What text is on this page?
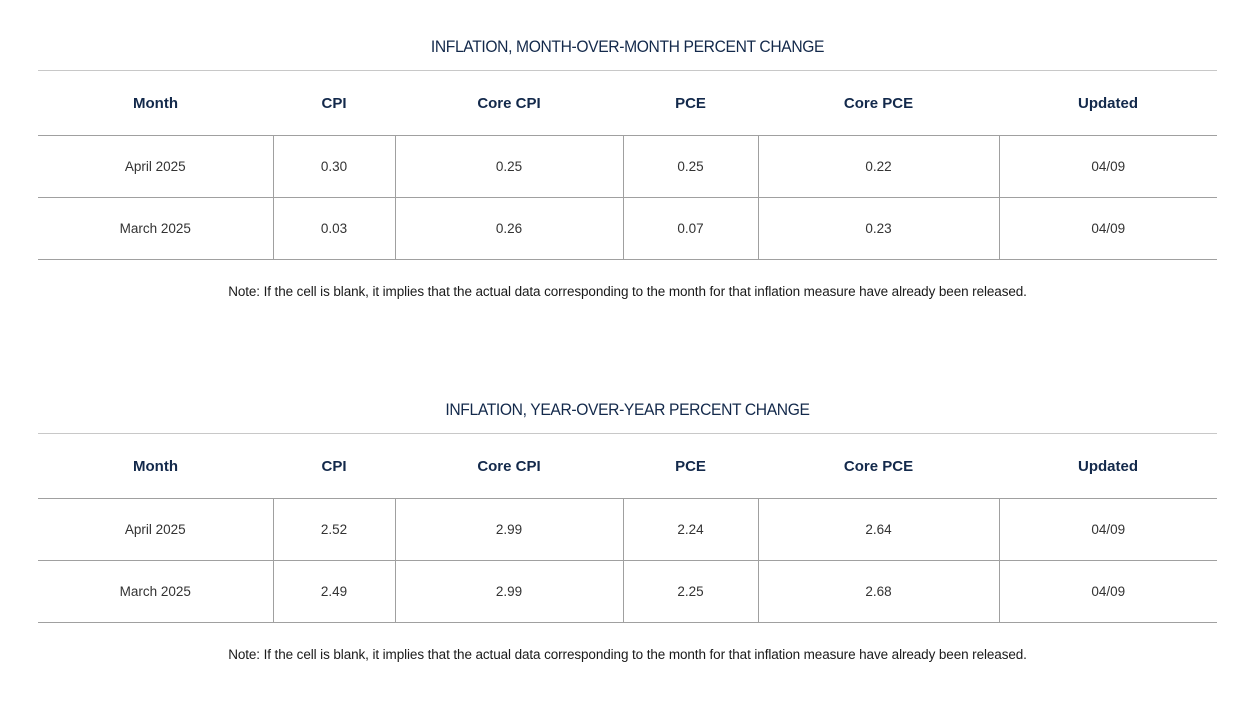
INFLATION, MONTH-OVER-MONTH PERCENT CHANGE
Month	CPI	Core CPI	PCE	Core PCE	Updated
April 2025	0.30	0.25	0.25	0.22	04/09
March 2025	0.03	0.26	0.07	0.23	04/09
Note: If the cell is blank, it implies that the actual data corresponding to the month for that inflation measure have already been released.
INFLATION, YEAR-OVER-YEAR PERCENT CHANGE
Month	CPI	Core CPI	PCE	Core PCE	Updated
April 2025	2.52	2.99	2.24	2.64	04/09
March 2025	2.49	2.99	2.25	2.68	04/09
Note: If the cell is blank, it implies that the actual data corresponding to the month for that inflation measure have already been released.
